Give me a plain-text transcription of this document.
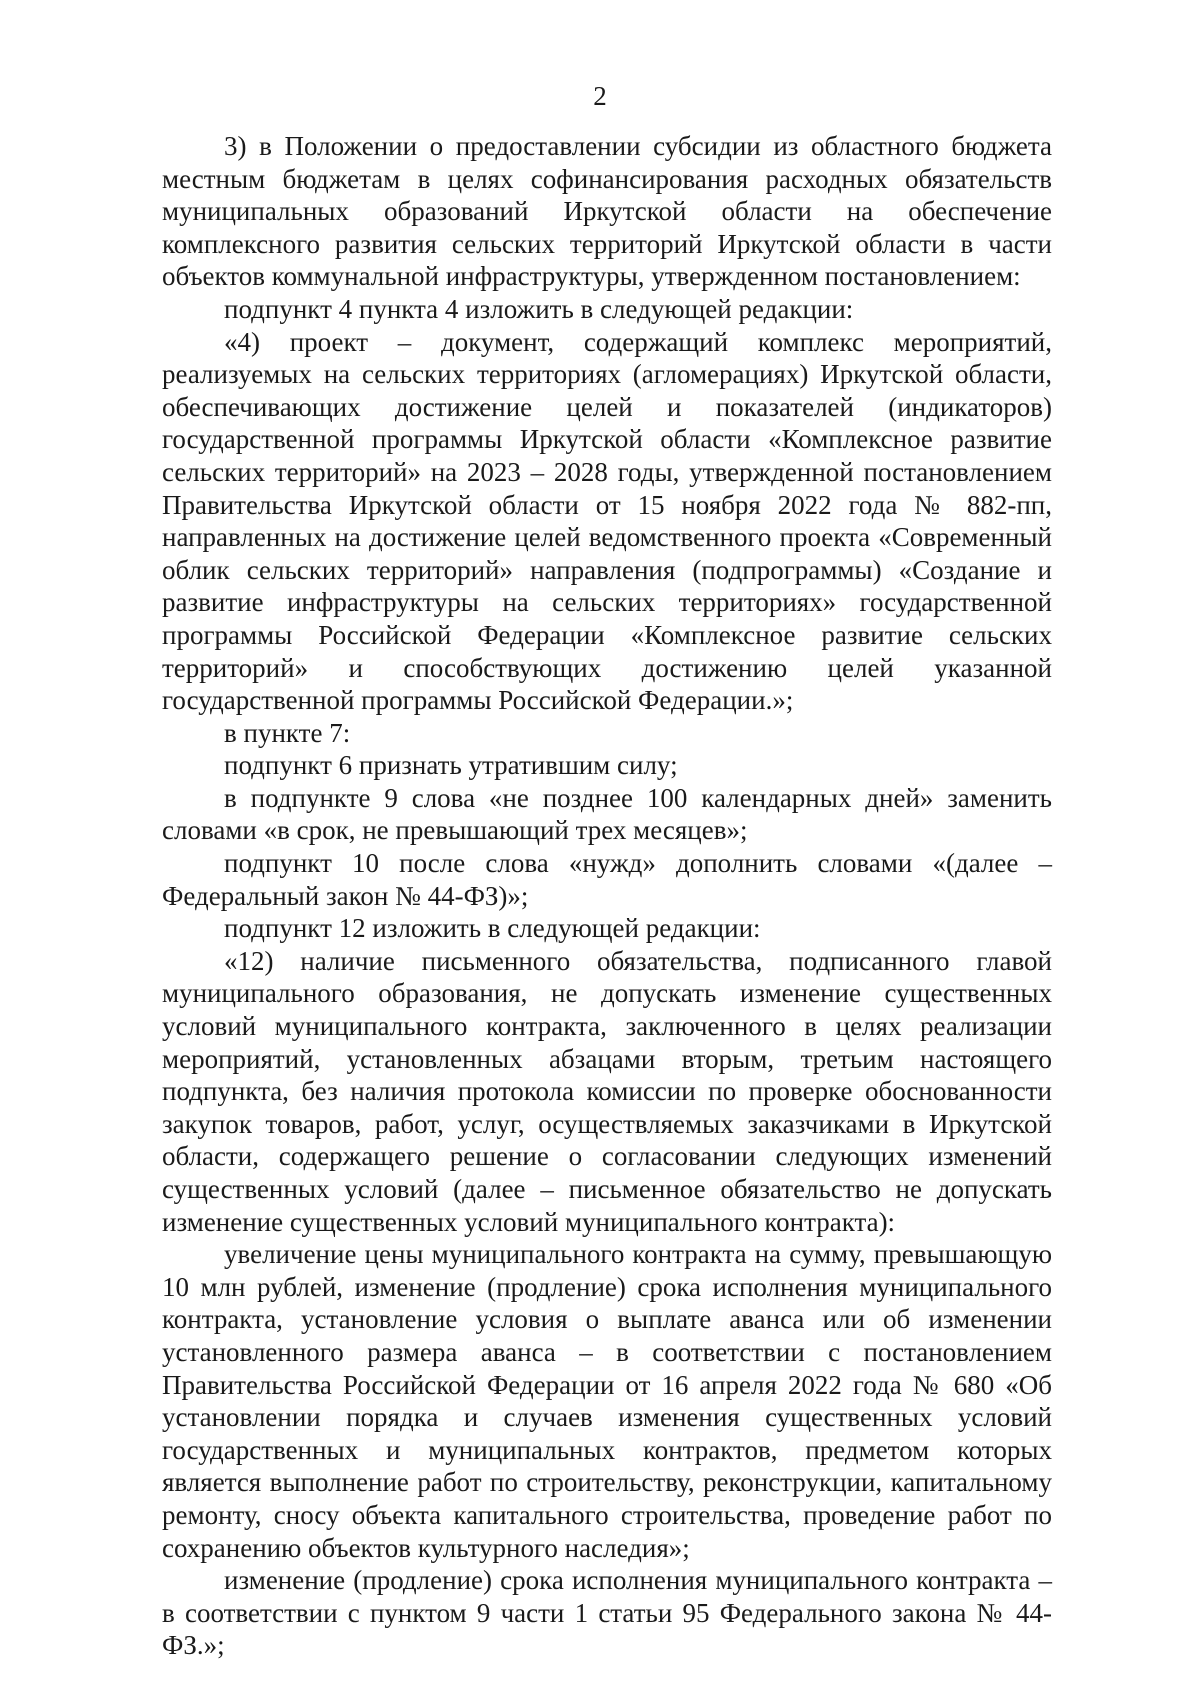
2

3) в Положении о предоставлении субсидии из областного бюджета местным бюджетам в целях софинансирования расходных обязательств муниципальных образований Иркутской области на обеспечение комплексного развития сельских территорий Иркутской области в части объектов коммунальной инфраструктуры, утвержденном постановлением:

подпункт 4 пункта 4 изложить в следующей редакции:

«4) проект – документ, содержащий комплекс мероприятий, реализуемых на сельских территориях (агломерациях) Иркутской области, обеспечивающих достижение целей и показателей (индикаторов) государственной программы Иркутской области «Комплексное развитие сельских территорий» на 2023 – 2028 годы, утвержденной постановлением Правительства Иркутской области от 15 ноября 2022 года № 882-пп, направленных на достижение целей ведомственного проекта «Современный облик сельских территорий» направления (подпрограммы) «Создание и развитие инфраструктуры на сельских территориях» государственной программы Российской Федерации «Комплексное развитие сельских территорий» и способствующих достижению целей указанной государственной программы Российской Федерации.»;

в пункте 7:

подпункт 6 признать утратившим силу;

в подпункте 9 слова «не позднее 100 календарных дней» заменить словами «в срок, не превышающий трех месяцев»;

подпункт 10 после слова «нужд» дополнить словами «(далее – Федеральный закон № 44-ФЗ)»;

подпункт 12 изложить в следующей редакции:

«12) наличие письменного обязательства, подписанного главой муниципального образования, не допускать изменение существенных условий муниципального контракта, заключенного в целях реализации мероприятий, установленных абзацами вторым, третьим настоящего подпункта, без наличия протокола комиссии по проверке обоснованности закупок товаров, работ, услуг, осуществляемых заказчиками в Иркутской области, содержащего решение о согласовании следующих изменений существенных условий (далее – письменное обязательство не допускать изменение существенных условий муниципального контракта):

увеличение цены муниципального контракта на сумму, превышающую 10 млн рублей, изменение (продление) срока исполнения муниципального контракта, установление условия о выплате аванса или об изменении установленного размера аванса – в соответствии с постановлением Правительства Российской Федерации от 16 апреля 2022 года № 680 «Об установлении порядка и случаев изменения существенных условий государственных и муниципальных контрактов, предметом которых является выполнение работ по строительству, реконструкции, капитальному ремонту, сносу объекта капитального строительства, проведение работ по сохранению объектов культурного наследия»;

изменение (продление) срока исполнения муниципального контракта – в соответствии с пунктом 9 части 1 статьи 95 Федерального закона № 44-ФЗ.»;
